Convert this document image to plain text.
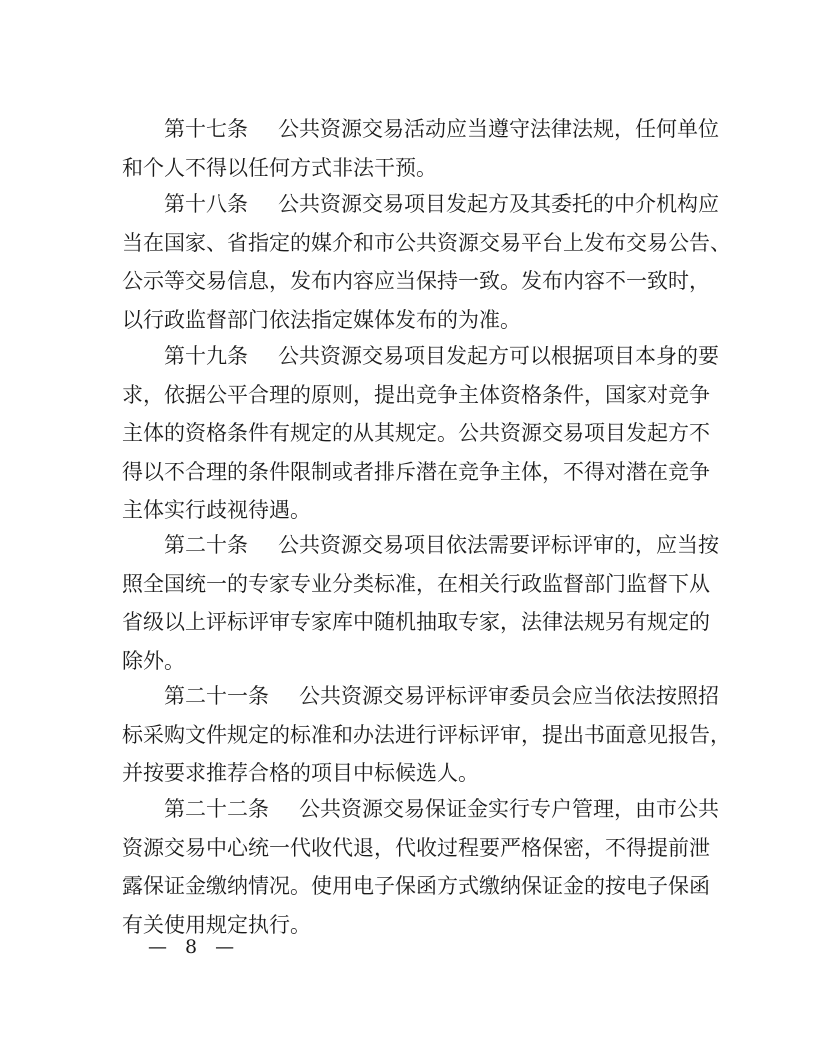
第十七条 公共资源交易活动应当遵守法律法规，任何单位
和个人不得以任何方式非法干预。
第十八条 公共资源交易项目发起方及其委托的中介机构应
当在国家、省指定的媒介和市公共资源交易平台上发布交易公告、
公示等交易信息，发布内容应当保持一致。发布内容不一致时，
以行政监督部门依法指定媒体发布的为准。
第十九条 公共资源交易项目发起方可以根据项目本身的要
求，依据公平合理的原则，提出竞争主体资格条件，国家对竞争
主体的资格条件有规定的从其规定。公共资源交易项目发起方不
得以不合理的条件限制或者排斥潜在竞争主体，不得对潜在竞争
主体实行歧视待遇。
第二十条 公共资源交易项目依法需要评标评审的，应当按
照全国统一的专家专业分类标准，在相关行政监督部门监督下从
省级以上评标评审专家库中随机抽取专家，法律法规另有规定的
除外。
第二十一条 公共资源交易评标评审委员会应当依法按照招
标采购文件规定的标准和办法进行评标评审，提出书面意见报告，
并按要求推荐合格的项目中标候选人。
第二十二条 公共资源交易保证金实行专户管理，由市公共
资源交易中心统一代收代退，代收过程要严格保密，不得提前泄
露保证金缴纳情况。使用电子保函方式缴纳保证金的按电子保函
有关使用规定执行。
— 8 —
